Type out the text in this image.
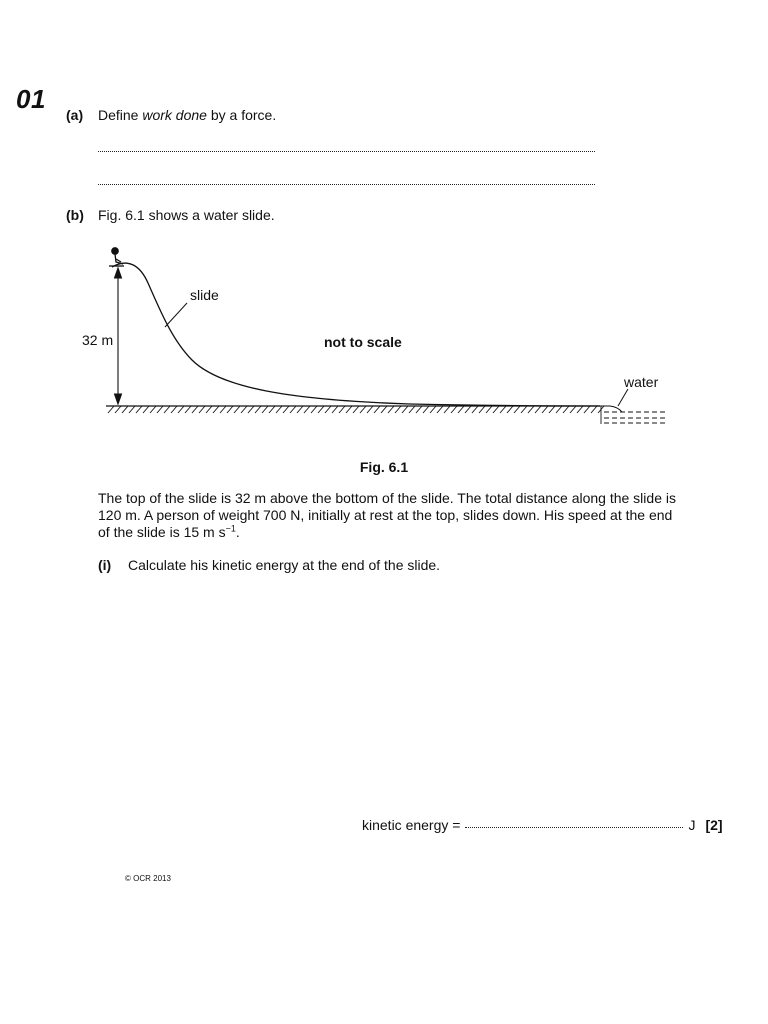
01
(a) Define work done by a force.
(b) Fig. 6.1 shows a water slide.
32 m
slide
not to scale
water
Fig. 6.1
The top of the slide is 32 m above the bottom of the slide. The total distance along the slide is
120 m. A person of weight 700 N, initially at rest at the top, slides down. His speed at the end
of the slide is 15 m $s^{-1}$.
(i) Calculate his kinetic energy at the end of the slide.
kinetic energy =	J [2]
© OCR 2013
